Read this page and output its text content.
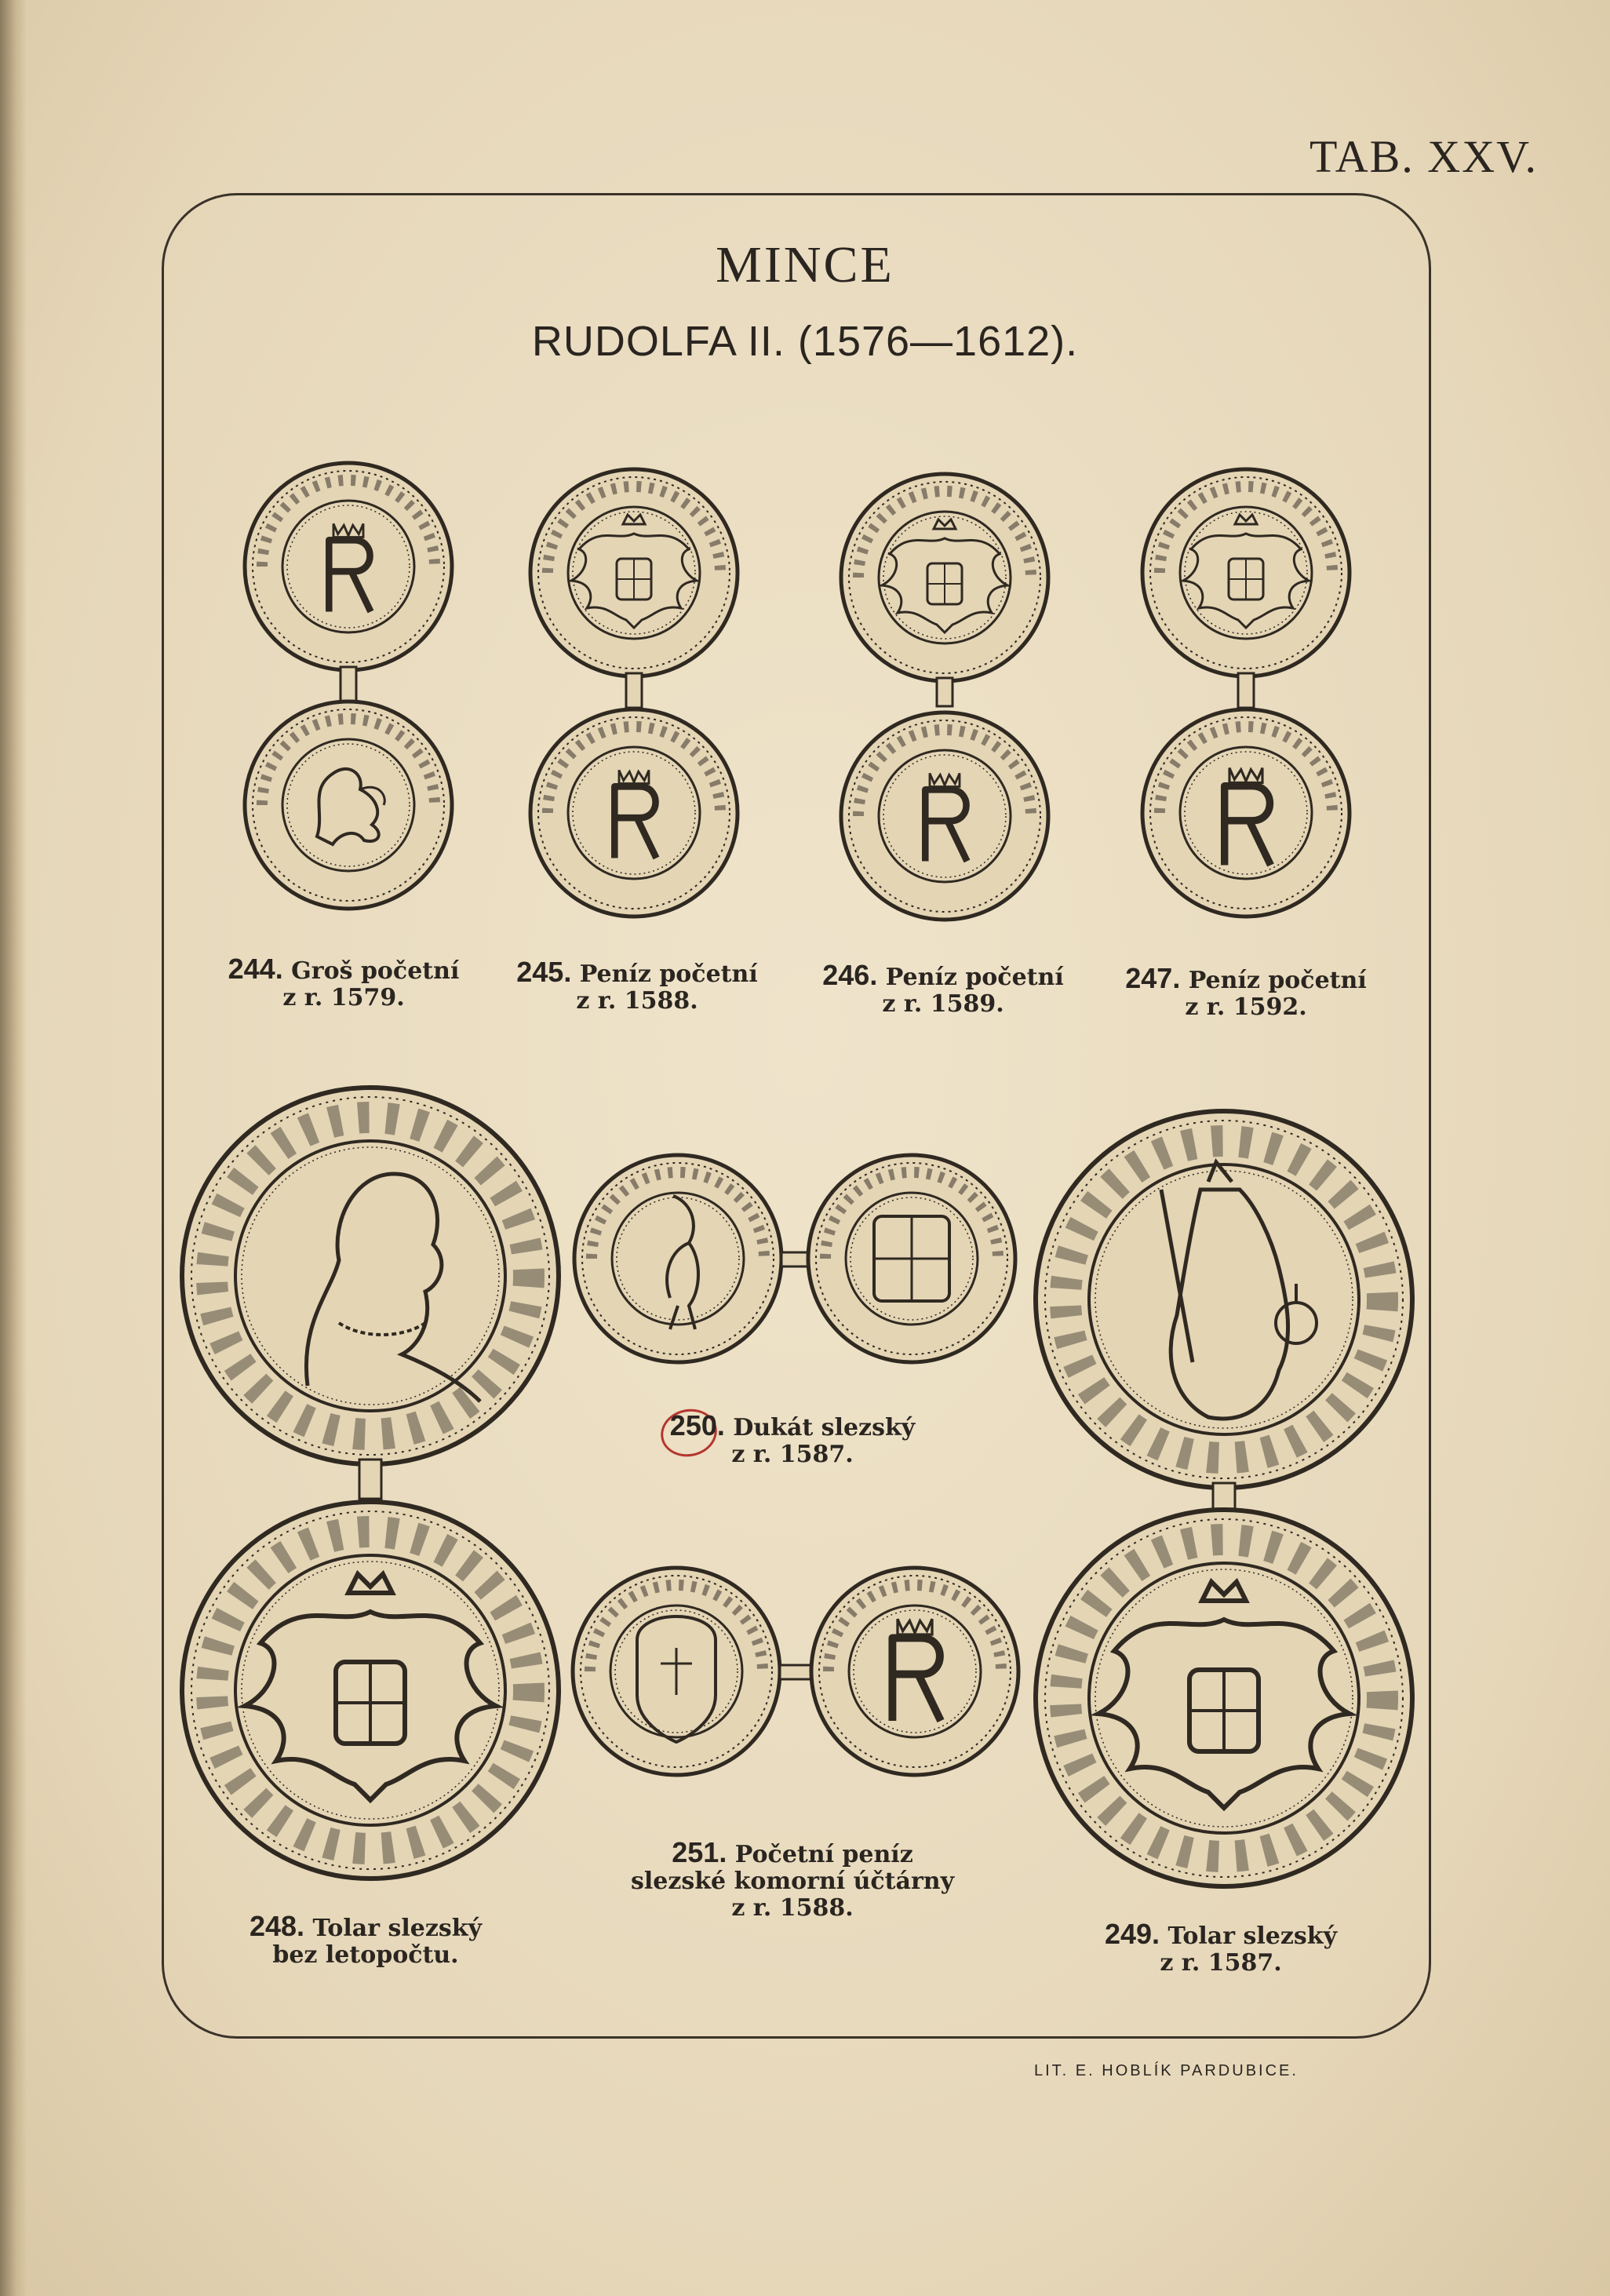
TAB. XXV.
MINCE
RUDOLFA II. (1576—1612).
244. Groš početní
z r. 1579.
245. Peníz početní
z r. 1588.
246. Peníz početní
z r. 1589.
247. Peníz početní
z r. 1592.
250. Dukát slezský
z r. 1587.
248. Tolar slezský
bez letopočtu.
251. Početní peníz
slezské komorní účtárny
z r. 1588.
249. Tolar slezský
z r. 1587.
LIT. E. HOBLÍK PARDUBICE.
